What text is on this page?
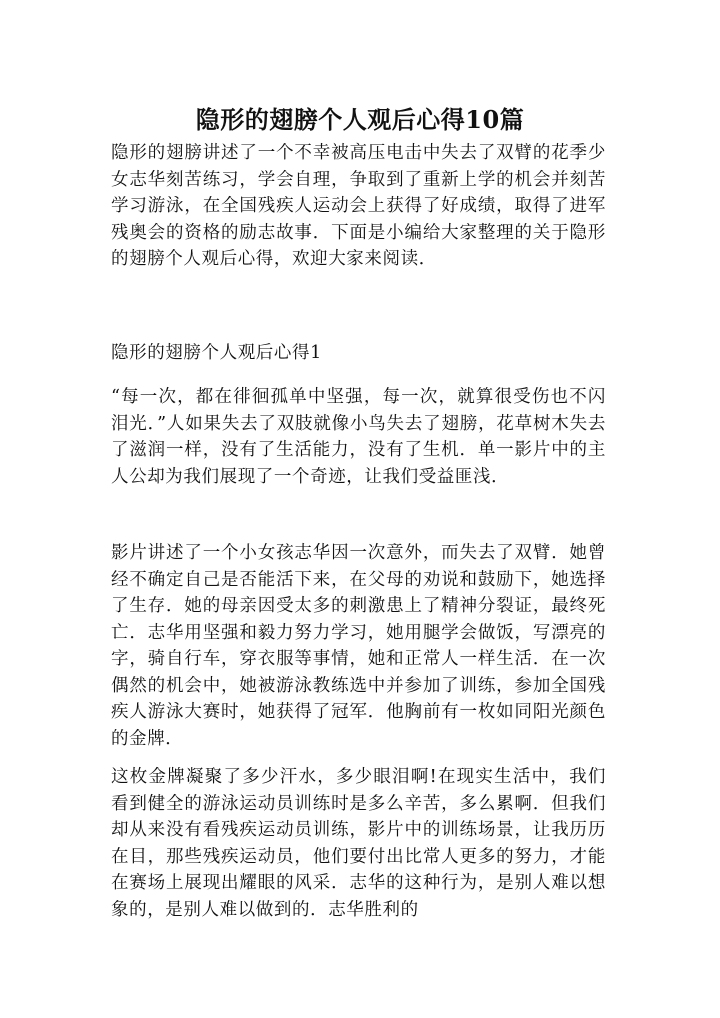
隐形的翅膀个人观后心得10篇

隐形的翅膀讲述了一个不幸被高压电击中失去了双臂的花季少女志华刻苦练习，学会自理，争取到了重新上学的机会并刻苦学习游泳，在全国残疾人运动会上获得了好成绩，取得了进军残奥会的资格的励志故事．下面是小编给大家整理的关于隐形的翅膀个人观后心得，欢迎大家来阅读．

隐形的翅膀个人观后心得1

“每一次，都在徘徊孤单中坚强，每一次，就算很受伤也不闪泪光．”人如果失去了双肢就像小鸟失去了翅膀，花草树木失去了滋润一样，没有了生活能力，没有了生机．单一影片中的主人公却为我们展现了一个奇迹，让我们受益匪浅．

影片讲述了一个小女孩志华因一次意外，而失去了双臂．她曾经不确定自己是否能活下来，在父母的劝说和鼓励下，她选择了生存．她的母亲因受太多的刺激患上了精神分裂证，最终死亡．志华用坚强和毅力努力学习，她用腿学会做饭，写漂亮的字，骑自行车，穿衣服等事情，她和正常人一样生活．在一次偶然的机会中，她被游泳教练选中并参加了训练，参加全国残疾人游泳大赛时，她获得了冠军．他胸前有一枚如同阳光颜色的金牌．

这枚金牌凝聚了多少汗水，多少眼泪啊!在现实生活中，我们看到健全的游泳运动员训练时是多么辛苦，多么累啊．但我们却从来没有看残疾运动员训练，影片中的训练场景，让我历历在目，那些残疾运动员，他们要付出比常人更多的努力，才能在赛场上展现出耀眼的风采．志华的这种行为，是别人难以想象的，是别人难以做到的．志华胜利的
